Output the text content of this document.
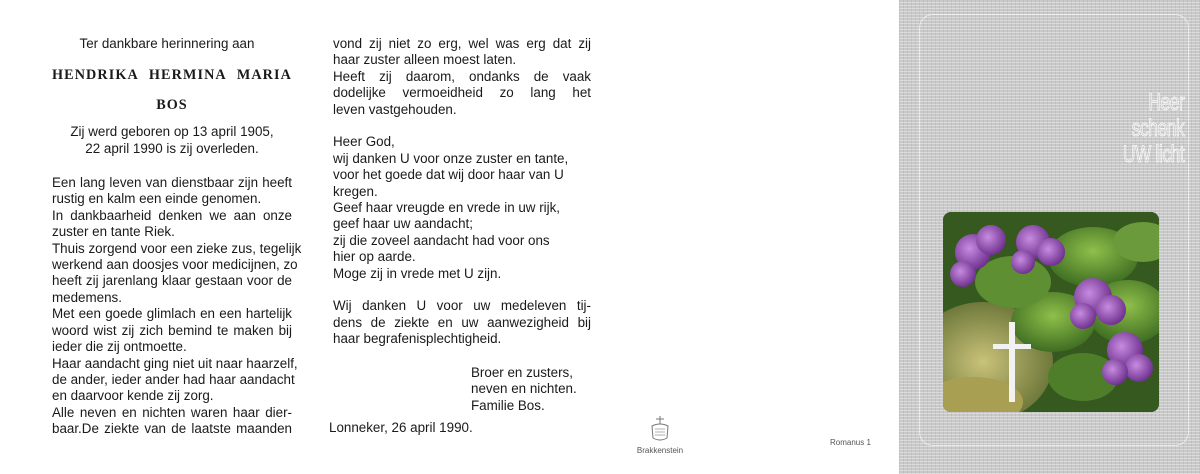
Ter dankbare herinnering aan
HENDRIKA HERMINA MARIA
BOS
Zij werd geboren op 13 april 1905,
22 april 1990 is zij overleden.
Een lang leven van dienstbaar zijn heeft
rustig en kalm een einde genomen.
In dankbaarheid denken we aan onze
zuster en tante Riek.
Thuis zorgend voor een zieke zus, tegelijk
werkend aan doosjes voor medicijnen, zo
heeft zij jarenlang klaar gestaan voor de
medemens.
Met een goede glimlach en een hartelijk
woord wist zij zich bemind te maken bij
ieder die zij ontmoette.
Haar aandacht ging niet uit naar haarzelf,
de ander, ieder ander had haar aandacht
en daarvoor kende zij zorg.
Alle neven en nichten waren haar dier-
baar.De ziekte van de laatste maanden
vond zij niet zo erg, wel was erg dat zij
haar zuster alleen moest laten.
Heeft zij daarom, ondanks de vaak
dodelijke vermoeidheid zo lang het
leven vastgehouden.
Heer God,
wij danken U voor onze zuster en tante,
voor het goede dat wij door haar van U
kregen.
Geef haar vreugde en vrede in uw rijk,
geef haar uw aandacht;
zij die zoveel aandacht had voor ons
hier op aarde.
Moge zij in vrede met U zijn.
Wij danken U voor uw medeleven tij-
dens de ziekte en uw aanwezigheid bij
haar begrafenisplechtigheid.
Broer en zusters,
neven en nichten.
Familie Bos.
Lonneker, 26 april 1990.
Brakkenstein
Romanus 1
Heer
schenk
UW licht
